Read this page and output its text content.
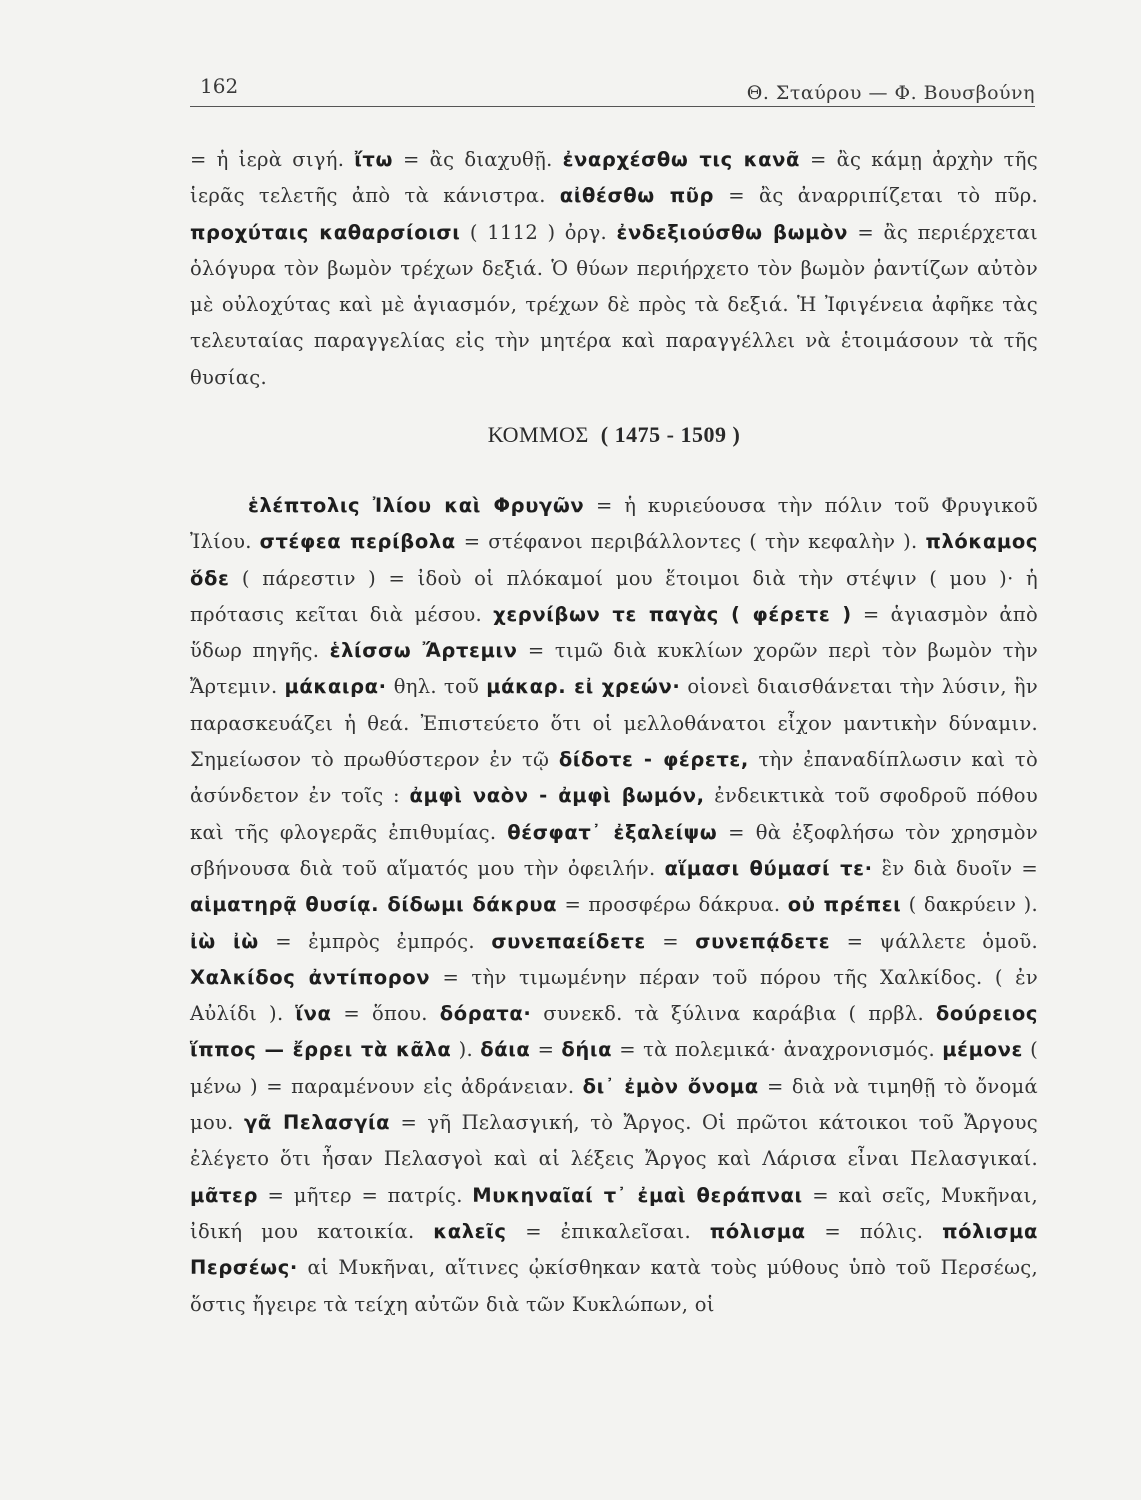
162	Θ. Σταύρου — Φ. Βουσβούνη
= ἡ ἱερὰ σιγή. ἴτω = ἂς διαχυθῇ. ἐναρχέσθω τις κανᾶ = ἂς κάμῃ ἀρχὴν τῆς ἱερᾶς τελετῆς ἀπὸ τὰ κάνιστρα. αἰθέσθω πῦρ = ἂς ἀναρριπίζεται τὸ πῦρ. προχύταις καθαρσίοισι ( 1112 ) ὀργ. ἐνδεξιούσθω βωμὸν = ἂς περιέρχεται ὁλόγυρα τὸν βωμὸν τρέχων δεξιά. Ὁ θύων περιήρχετο τὸν βωμὸν ῥαντίζων αὐτὸν μὲ οὐλοχύτας καὶ μὲ ἁγιασμόν, τρέχων δὲ πρὸς τὰ δεξιά. Ἡ Ἰφιγένεια ἀφῆκε τὰς τελευταίας παραγγελίας εἰς τὴν μητέρα καὶ παραγγέλλει νὰ ἑτοιμάσουν τὰ τῆς θυσίας.
ΚΟΜΜΟΣ ( 1475 - 1509 )
ἑλέπτολις Ἰλίου καὶ Φρυγῶν = ἡ κυριεύουσα τὴν πόλιν τοῦ Φρυγικοῦ Ἰλίου. στέφεα περίβολα = στέφανοι περιβάλλοντες ( τὴν κεφαλὴν ). πλόκαμος ὅδε ( πάρεστιν ) = ἰδοὺ οἱ πλόκαμοί μου ἕτοιμοι διὰ τὴν στέψιν ( μου )· ἡ πρότασις κεῖται διὰ μέσου. χερνίβων τε παγὰς ( φέρετε ) = ἁγιασμὸν ἀπὸ ὕδωρ πηγῆς. ἑλίσσω Ἄρτεμιν = τιμῶ διὰ κυκλίων χορῶν περὶ τὸν βωμὸν τὴν Ἄρτεμιν. μάκαιρα· θηλ. τοῦ μάκαρ. εἰ χρεών· οἱονεὶ διαισθάνεται τὴν λύσιν, ἣν παρασκευάζει ἡ θεά. Ἐπιστεύετο ὅτι οἱ μελλοθάνατοι εἶχον μαντικὴν δύναμιν. Σημείωσον τὸ πρωθύστερον ἐν τῷ δίδοτε - φέρετε, τὴν ἐπαναδίπλωσιν καὶ τὸ ἀσύνδετον ἐν τοῖς : ἀμφὶ ναὸν - ἀμφὶ βωμόν, ἐνδεικτικὰ τοῦ σφοδροῦ πόθου καὶ τῆς φλογερᾶς ἐπιθυμίας. θέσφατ᾽ ἐξαλείψω = θὰ ἐξοφλήσω τὸν χρησμὸν σβήνουσα διὰ τοῦ αἵματός μου τὴν ὀφειλήν. αἵμασι θύμασί τε· ἓν διὰ δυοῖν = αἱματηρᾷ θυσίᾳ. δίδωμι δάκρυα = προσφέρω δάκρυα. οὐ πρέπει ( δακρύειν ). ἰὼ ἰὼ = ἐμπρὸς ἐμπρός. συνεπαείδετε = συνεπᾴδετε = ψάλλετε ὁμοῦ. Χαλκίδος ἀντίπορον = τὴν τιμωμένην πέραν τοῦ πόρου τῆς Χαλκίδος. ( ἐν Αὐλίδι ). ἵνα = ὅπου. δόρατα· συνεκδ. τὰ ξύλινα καράβια ( πρβλ. δούρειος ἵππος — ἔρρει τὰ κᾶλα ). δάια = δήια = τὰ πολεμικά· ἀναχρονισμός. μέμονε ( μένω ) = παραμένουν εἰς ἀδράνειαν. δι᾽ ἐμὸν ὄνομα = διὰ νὰ τιμηθῇ τὸ ὄνομά μου. γᾶ Πελασγία = γῆ Πελασγική, τὸ Ἄργος. Οἱ πρῶτοι κάτοικοι τοῦ Ἄργους ἐλέγετο ὅτι ἦσαν Πελασγοὶ καὶ αἱ λέξεις Ἄργος καὶ Λάρισα εἶναι Πελασγικαί. μᾶτερ = μῆτερ = πατρίς. Μυκηναῖαί τ᾽ ἐμαὶ θεράπναι = καὶ σεῖς, Μυκῆναι, ἰδική μου κατοικία. καλεῖς = ἐπικαλεῖσαι. πόλισμα = πόλις. πόλισμα Περσέως· αἱ Μυκῆναι, αἵτινες ᾠκίσθηκαν κατὰ τοὺς μύθους ὑπὸ τοῦ Περσέως, ὅστις ἤγειρε τὰ τείχη αὐτῶν διὰ τῶν Κυκλώπων, οἱ
